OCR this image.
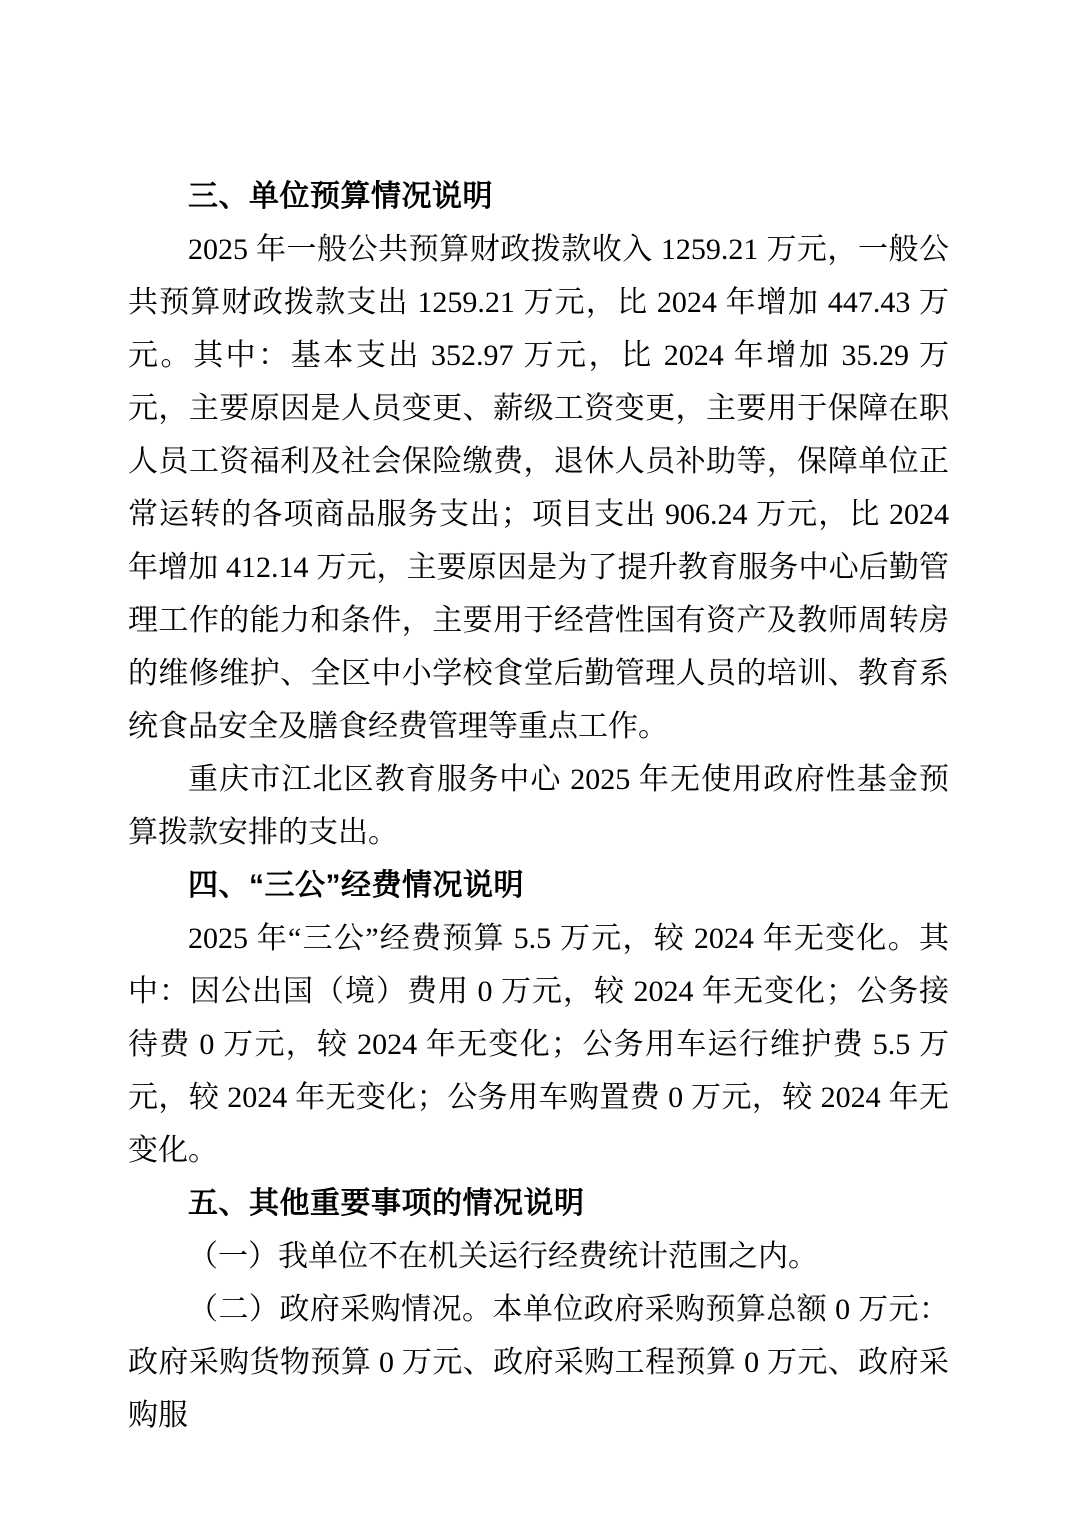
三、单位预算情况说明

2025 年一般公共预算财政拨款收入 1259.21 万元，一般公共预算财政拨款支出 1259.21 万元，比 2024 年增加 447.43 万元。其中：基本支出 352.97 万元，比 2024 年增加 35.29 万元，主要原因是人员变更、薪级工资变更，主要用于保障在职人员工资福利及社会保险缴费，退休人员补助等，保障单位正常运转的各项商品服务支出；项目支出 906.24 万元，比 2024 年增加 412.14 万元，主要原因是为了提升教育服务中心后勤管理工作的能力和条件，主要用于经营性国有资产及教师周转房的维修维护、全区中小学校食堂后勤管理人员的培训、教育系统食品安全及膳食经费管理等重点工作。

重庆市江北区教育服务中心 2025 年无使用政府性基金预算拨款安排的支出。

四、“三公”经费情况说明

2025 年“三公”经费预算 5.5 万元，较 2024 年无变化。其中：因公出国（境）费用 0 万元，较 2024 年无变化；公务接待费 0 万元，较 2024 年无变化；公务用车运行维护费 5.5 万元，较 2024 年无变化；公务用车购置费 0 万元，较 2024 年无变化。

五、其他重要事项的情况说明

（一）我单位不在机关运行经费统计范围之内。

（二）政府采购情况。本单位政府采购预算总额 0 万元：政府采购货物预算 0 万元、政府采购工程预算 0 万元、政府采购服
